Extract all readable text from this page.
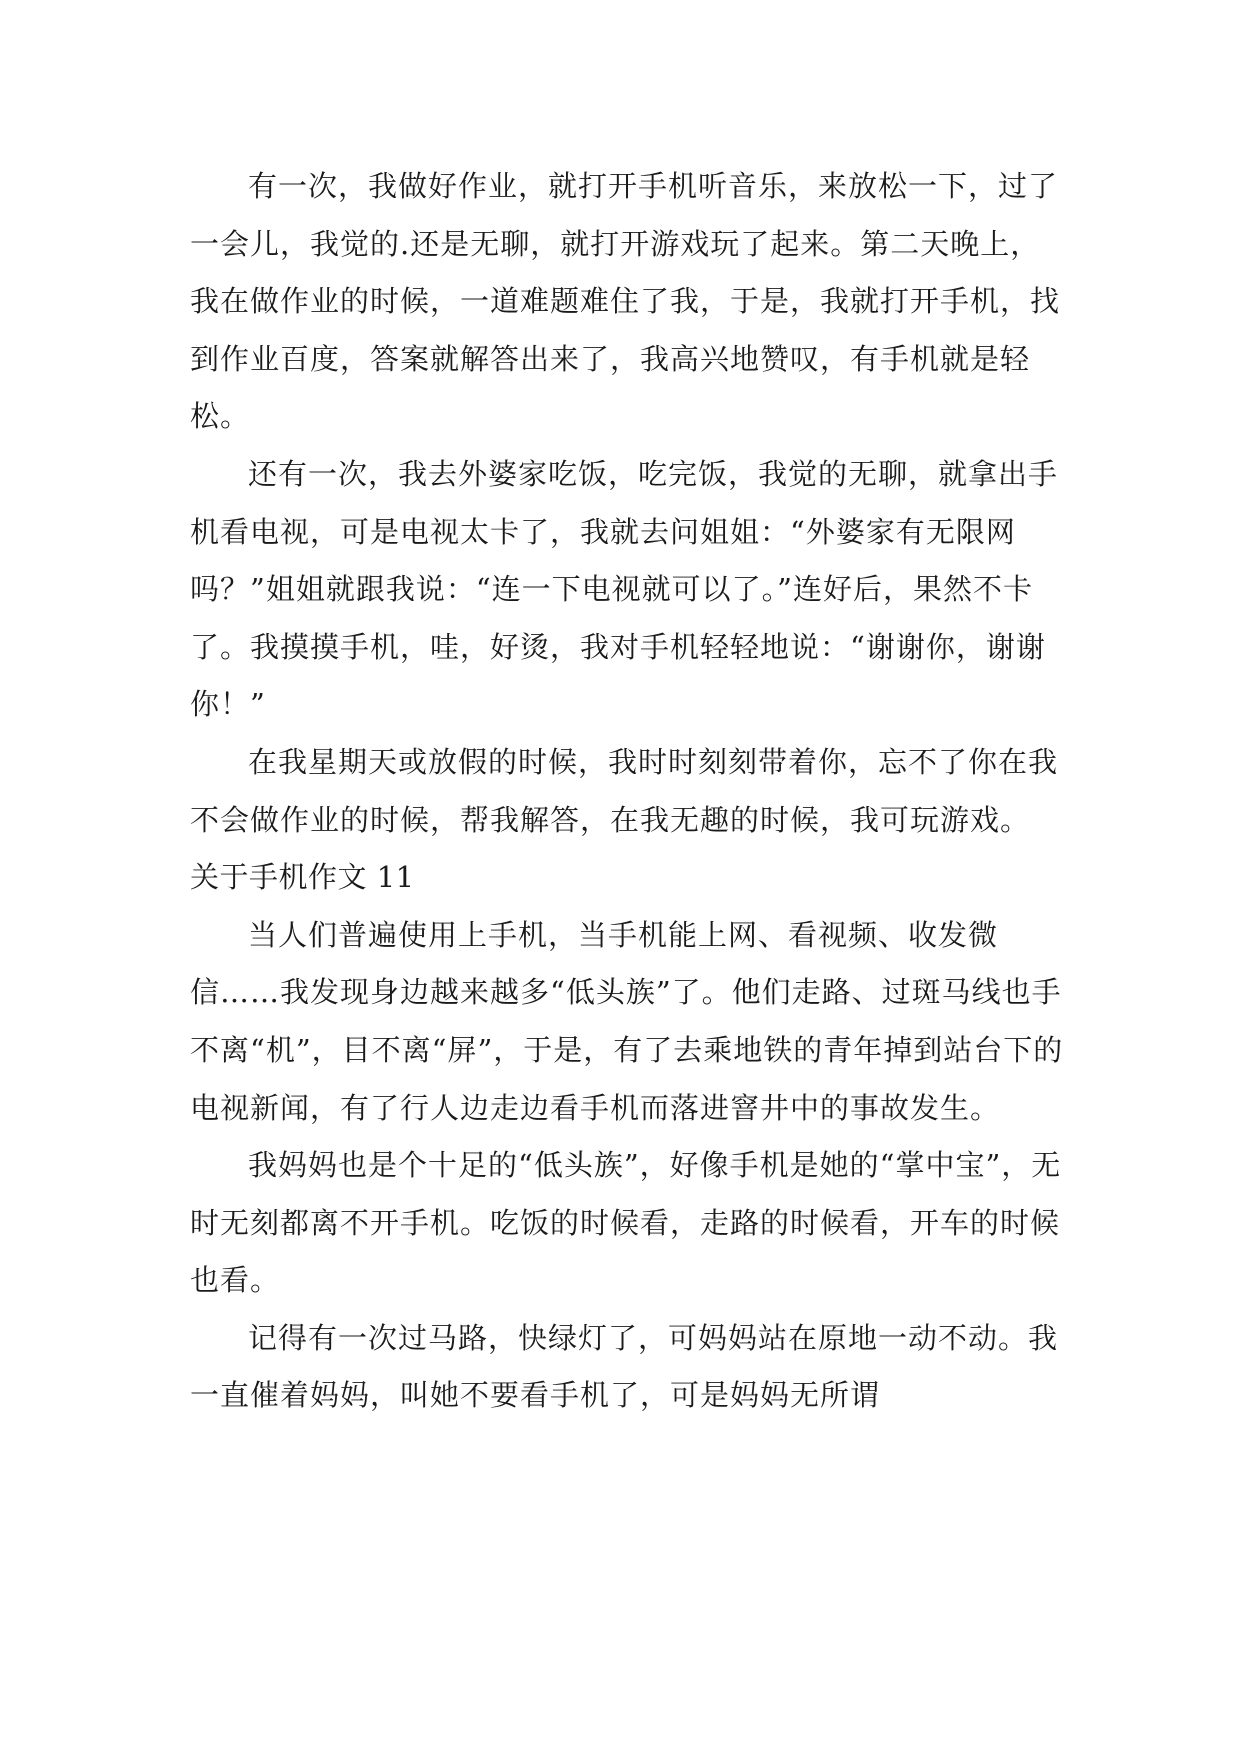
有一次，我做好作业，就打开手机听音乐，来放松一下，过了一会儿，我觉的.还是无聊，就打开游戏玩了起来。第二天晚上，我在做作业的时候，一道难题难住了我，于是，我就打开手机，找到作业百度，答案就解答出来了，我高兴地赞叹，有手机就是轻松。

还有一次，我去外婆家吃饭，吃完饭，我觉的无聊，就拿出手机看电视，可是电视太卡了，我就去问姐姐：“外婆家有无限网吗？”姐姐就跟我说：“连一下电视就可以了。”连好后，果然不卡了。我摸摸手机，哇，好烫，我对手机轻轻地说：“谢谢你，谢谢你！”

在我星期天或放假的时候，我时时刻刻带着你，忘不了你在我不会做作业的时候，帮我解答，在我无趣的时候，我可玩游戏。

关于手机作文 11

当人们普遍使用上手机，当手机能上网、看视频、收发微信……我发现身边越来越多“低头族”了。他们走路、过斑马线也手不离“机”，目不离“屏”，于是，有了去乘地铁的青年掉到站台下的电视新闻，有了行人边走边看手机而落进窨井中的事故发生。

我妈妈也是个十足的“低头族”，好像手机是她的“掌中宝”，无时无刻都离不开手机。吃饭的时候看，走路的时候看，开车的时候也看。

记得有一次过马路，快绿灯了，可妈妈站在原地一动不动。我一直催着妈妈，叫她不要看手机了，可是妈妈无所谓
